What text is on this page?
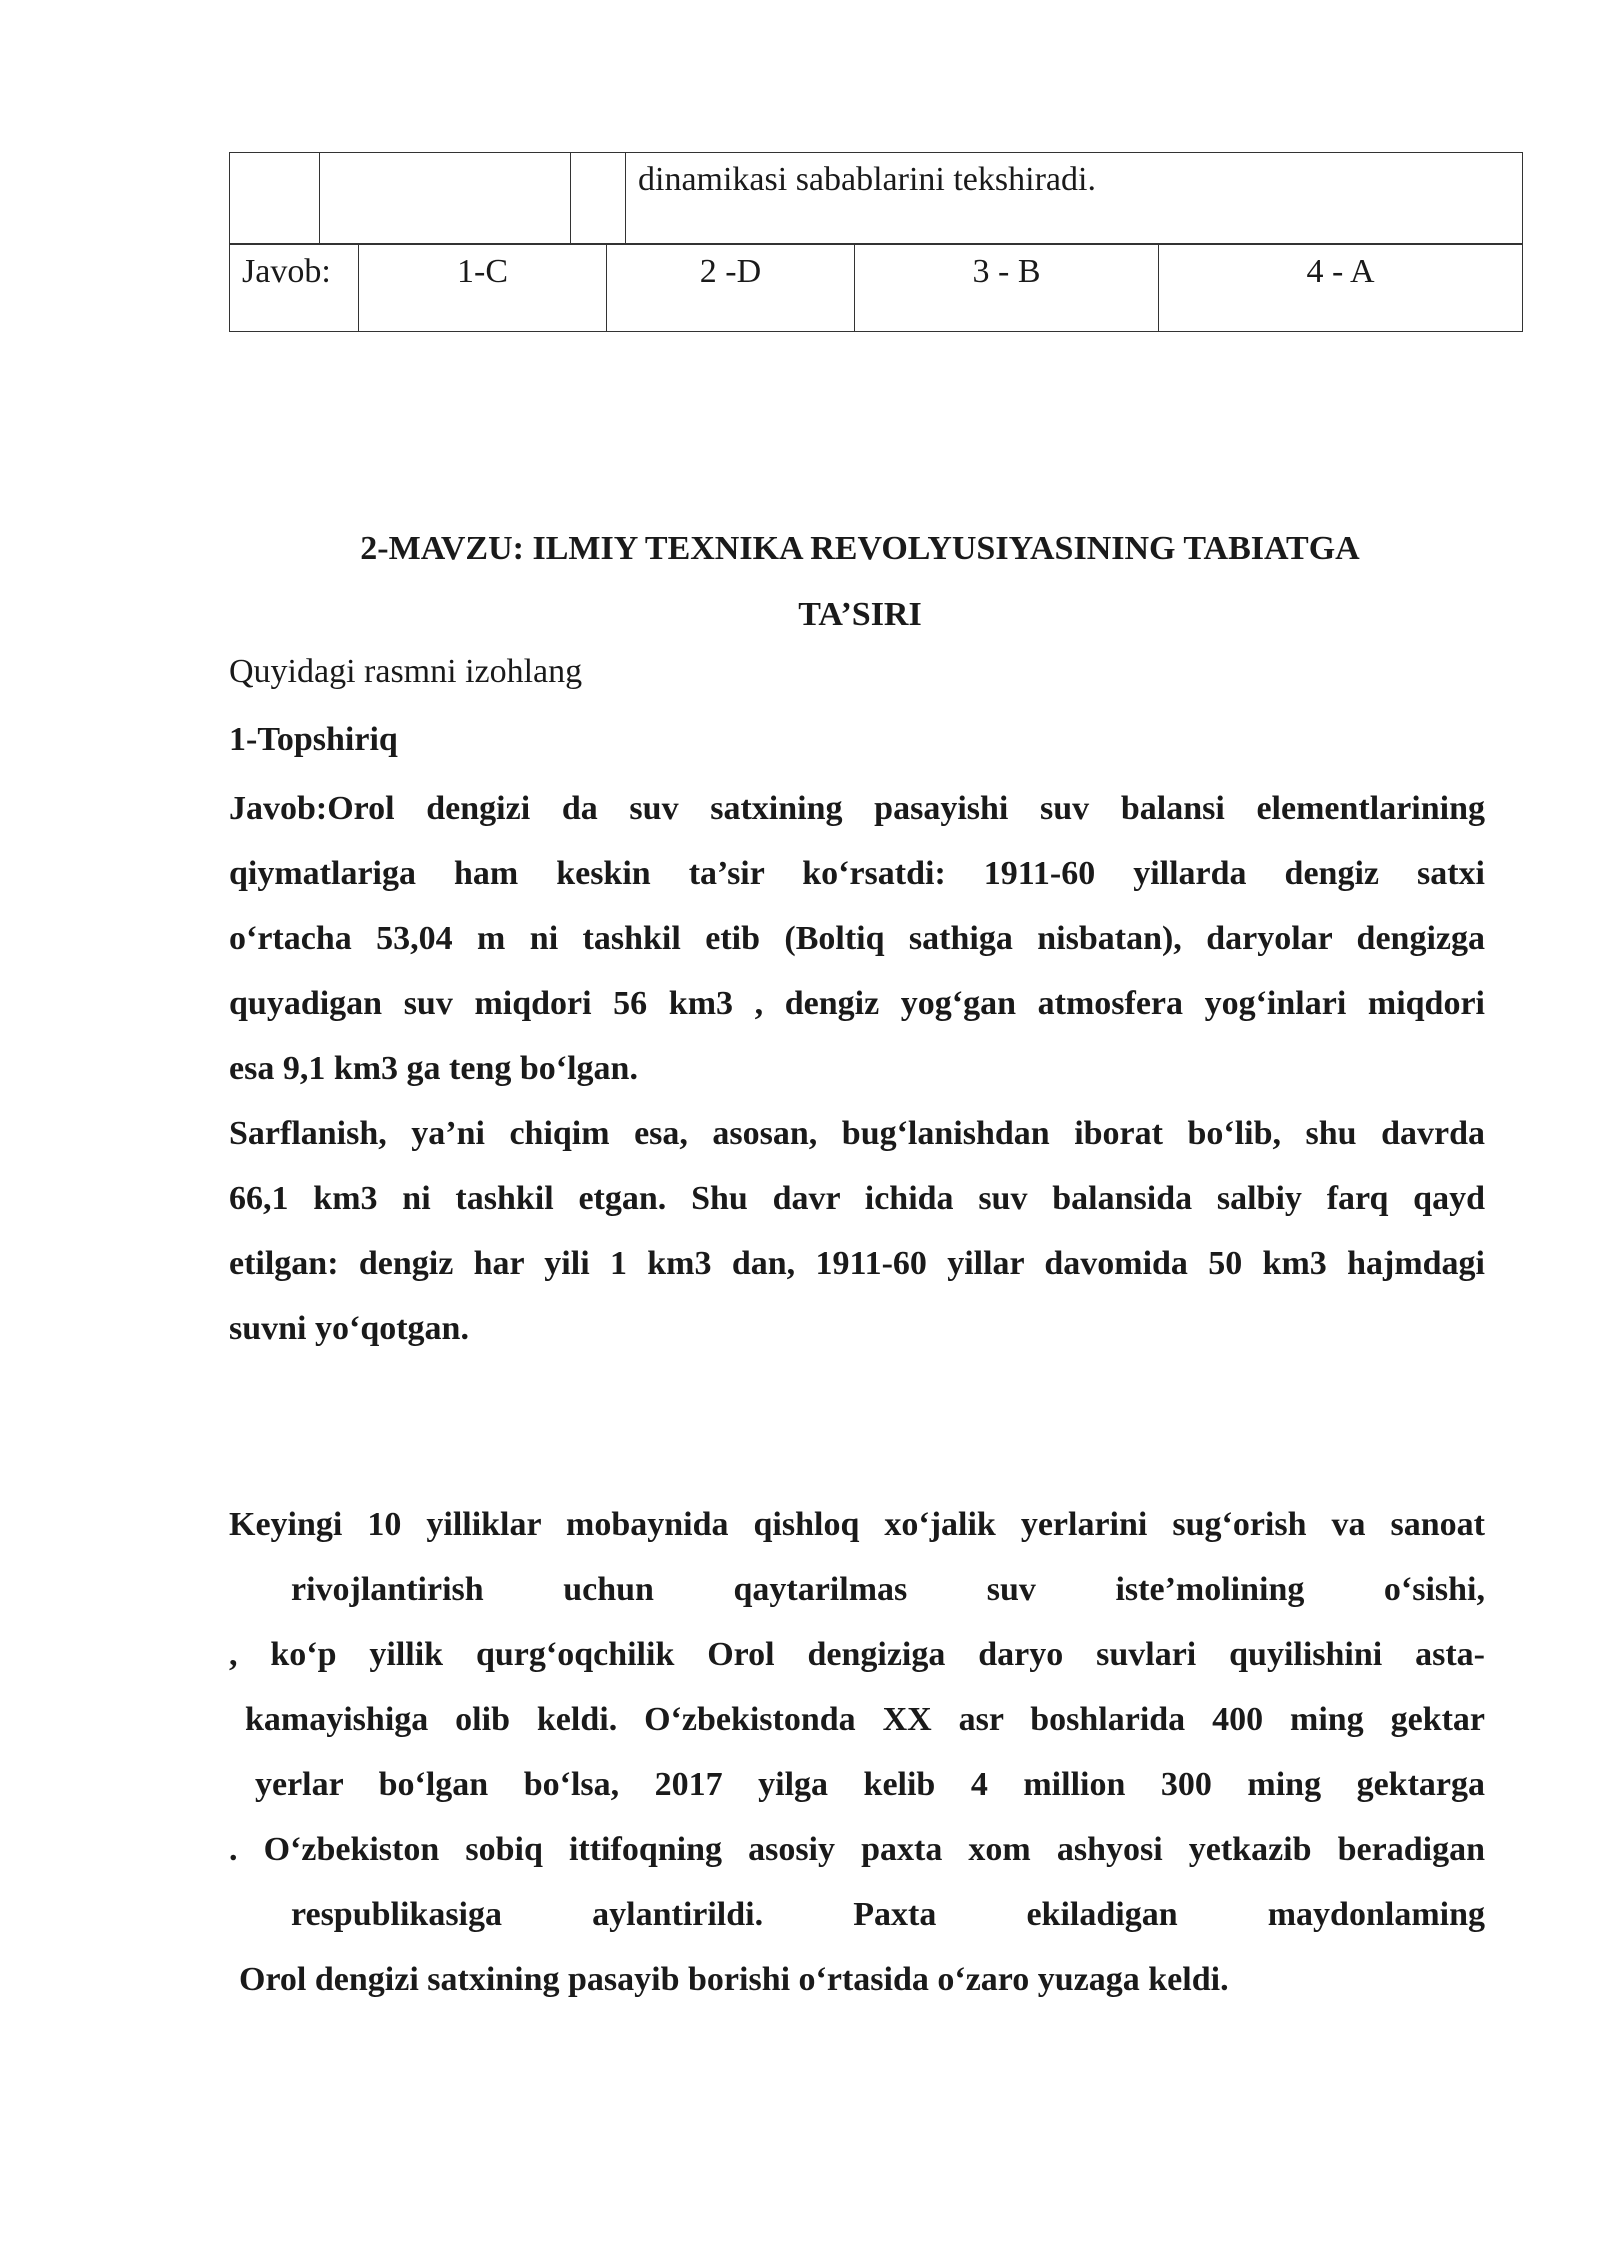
			dinamikasi sabablarini tekshiradi.
Javob:	1-C	2 -D	3 - B	4 - A
2-MAVZU: ILMIY TEXNIKA REVOLYUSIYASINING TABIATGA
TA’SIRI
Quyidagi rasmni izohlang
1-Topshiriq
Javob:Orol dengizi da suv satxining pasayishi suv balansi elementlarining
qiymatlariga ham keskin ta’sir koʻrsatdi: 1911-60 yillarda dengiz satxi
oʻrtacha 53,04 m ni tashkil etib (Boltiq sathiga nisbatan), daryolar dengizga
quyadigan suv miqdori 56 km3 , dengiz yogʻgan atmosfera yogʻinlari miqdori
esa 9,1 km3 ga teng boʻlgan.
Sarflanish, ya’ni chiqim esa, asosan, bugʻlanishdan iborat boʻlib, shu davrda
66,1 km3 ni tashkil etgan. Shu davr ichida suv balansida salbiy farq qayd
etilgan: dengiz har yili 1 km3 dan, 1911-60 yillar davomida 50 km3 hajmdagi
suvni yoʻqotgan.
Keyingi 10 yilliklar mobaynida qishloq xoʻjalik yerlarini sugʻorish va sanoat
rivojlantirish uchun qaytarilmas suv iste’molining oʻsishi,
, koʻp yillik qurgʻoqchilik Orol dengiziga daryo suvlari quyilishini asta-
kamayishiga olib keldi. Oʻzbekistonda XX asr boshlarida 400 ming gektar
yerlar boʻlgan boʻlsa, 2017 yilga kelib 4 million 300 ming gektarga
. Oʻzbekiston sobiq ittifoqning asosiy paxta xom ashyosi yetkazib beradigan
respublikasiga aylantirildi. Paxta ekiladigan maydonlaming
Orol dengizi satxining pasayib borishi oʻrtasida oʻzaro yuzaga keldi.
